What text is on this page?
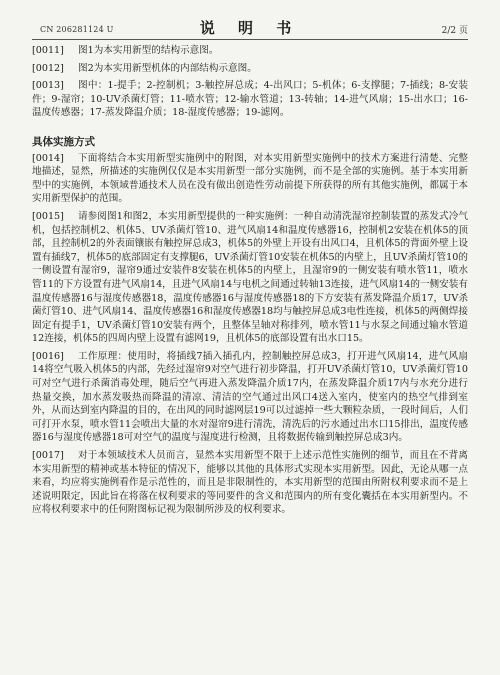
CN 206281124 U	说 明 书	2/2 页

[0011]	图1为本实用新型的结构示意图。

[0012]	图2为本实用新型机体的内部结构示意图。

[0013]	图中：1-提手；2-控制机；3-触控屏总成；4-出风口；5-机体；6-支撑腿；7-插线；8-安装件；9-湿帘；10-UV杀菌灯管；11-喷水管；12-输水管道；13-转轴；14-进气风扇；15-出水口；16-温度传感器；17-蒸发降温介质；18-湿度传感器；19-滤网。

具体实施方式

[0014]	下面将结合本实用新型实施例中的附图，对本实用新型实施例中的技术方案进行清楚、完整地描述，显然，所描述的实施例仅仅是本实用新型一部分实施例，而不是全部的实施例。基于本实用新型中的实施例，本领域普通技术人员在没有做出创造性劳动前提下所获得的所有其他实施例，都属于本实用新型保护的范围。

[0015]	请参阅图1和图2，本实用新型提供的一种实施例：一种自动清洗湿帘控制装置的蒸发式冷气机，包括控制机2、机体5、UV杀菌灯管10、进气风扇14和温度传感器16，控制机2安装在机体5的顶部，且控制机2的外表面镶嵌有触控屏总成3，机体5的外壁上开设有出风口4，且机体5的背面外壁上设置有插线7，机体5的底部固定有支撑腿6，UV杀菌灯管10安装在机体5的内壁上，且UV杀菌灯管10的一侧设置有湿帘9，湿帘9通过安装件8安装在机体5的内壁上，且湿帘9的一侧安装有喷水管11，喷水管11的下方设置有进气风扇14，且进气风扇14与电机之间通过转轴13连接，进气风扇14的一侧安装有温度传感器16与湿度传感器18，温度传感器16与湿度传感器18的下方安装有蒸发降温介质17，UV杀菌灯管10、进气风扇14、温度传感器16和湿度传感器18均与触控屏总成3电性连接，机体5的两侧焊接固定有提手1，UV杀菌灯管10安装有两个，且整体呈轴对称排列，喷水管11与水泵之间通过输水管道12连接，机体5的四周内壁上设置有滤网19，且机体5的底部设置有出水口15。

[0016]	工作原理：使用时，将插线7插入插孔内，控制触控屏总成3，打开进气风扇14，进气风扇14将空气吸入机体5的内部，先经过湿帘9对空气进行初步降温，打开UV杀菌灯管10，UV杀菌灯管10可对空气进行杀菌消毒处理，随后空气再进入蒸发降温介质17内，在蒸发降温介质17内与水充分进行热量交换，加水蒸发吸热而降温的清凉、清洁的空气通过出风口4送入室内，使室内的热空气排到室外，从而达到室内降温的目的，在出风的同时滤网层19可以过滤掉一些大颗粒杂质，一段时间后，人们可打开水泵，喷水管11会喷出大量的水对湿帘9进行清洗，清洗后的污水通过出水口15排出，温度传感器16与湿度传感器18可对空气的温度与湿度进行检测，且将数据传输到触控屏总成3内。

[0017]	对于本领域技术人员而言，显然本实用新型不限于上述示范性实施例的细节，而且在不背离本实用新型的精神或基本特征的情况下，能够以其他的具体形式实现本实用新型。因此，无论从哪一点来看，均应将实施例看作是示范性的，而且是非限制性的，本实用新型的范围由所附权利要求而不是上述说明限定，因此旨在将落在权利要求的等同要件的含义和范围内的所有变化囊括在本实用新型内。不应将权利要求中的任何附图标记视为限制所涉及的权利要求。
